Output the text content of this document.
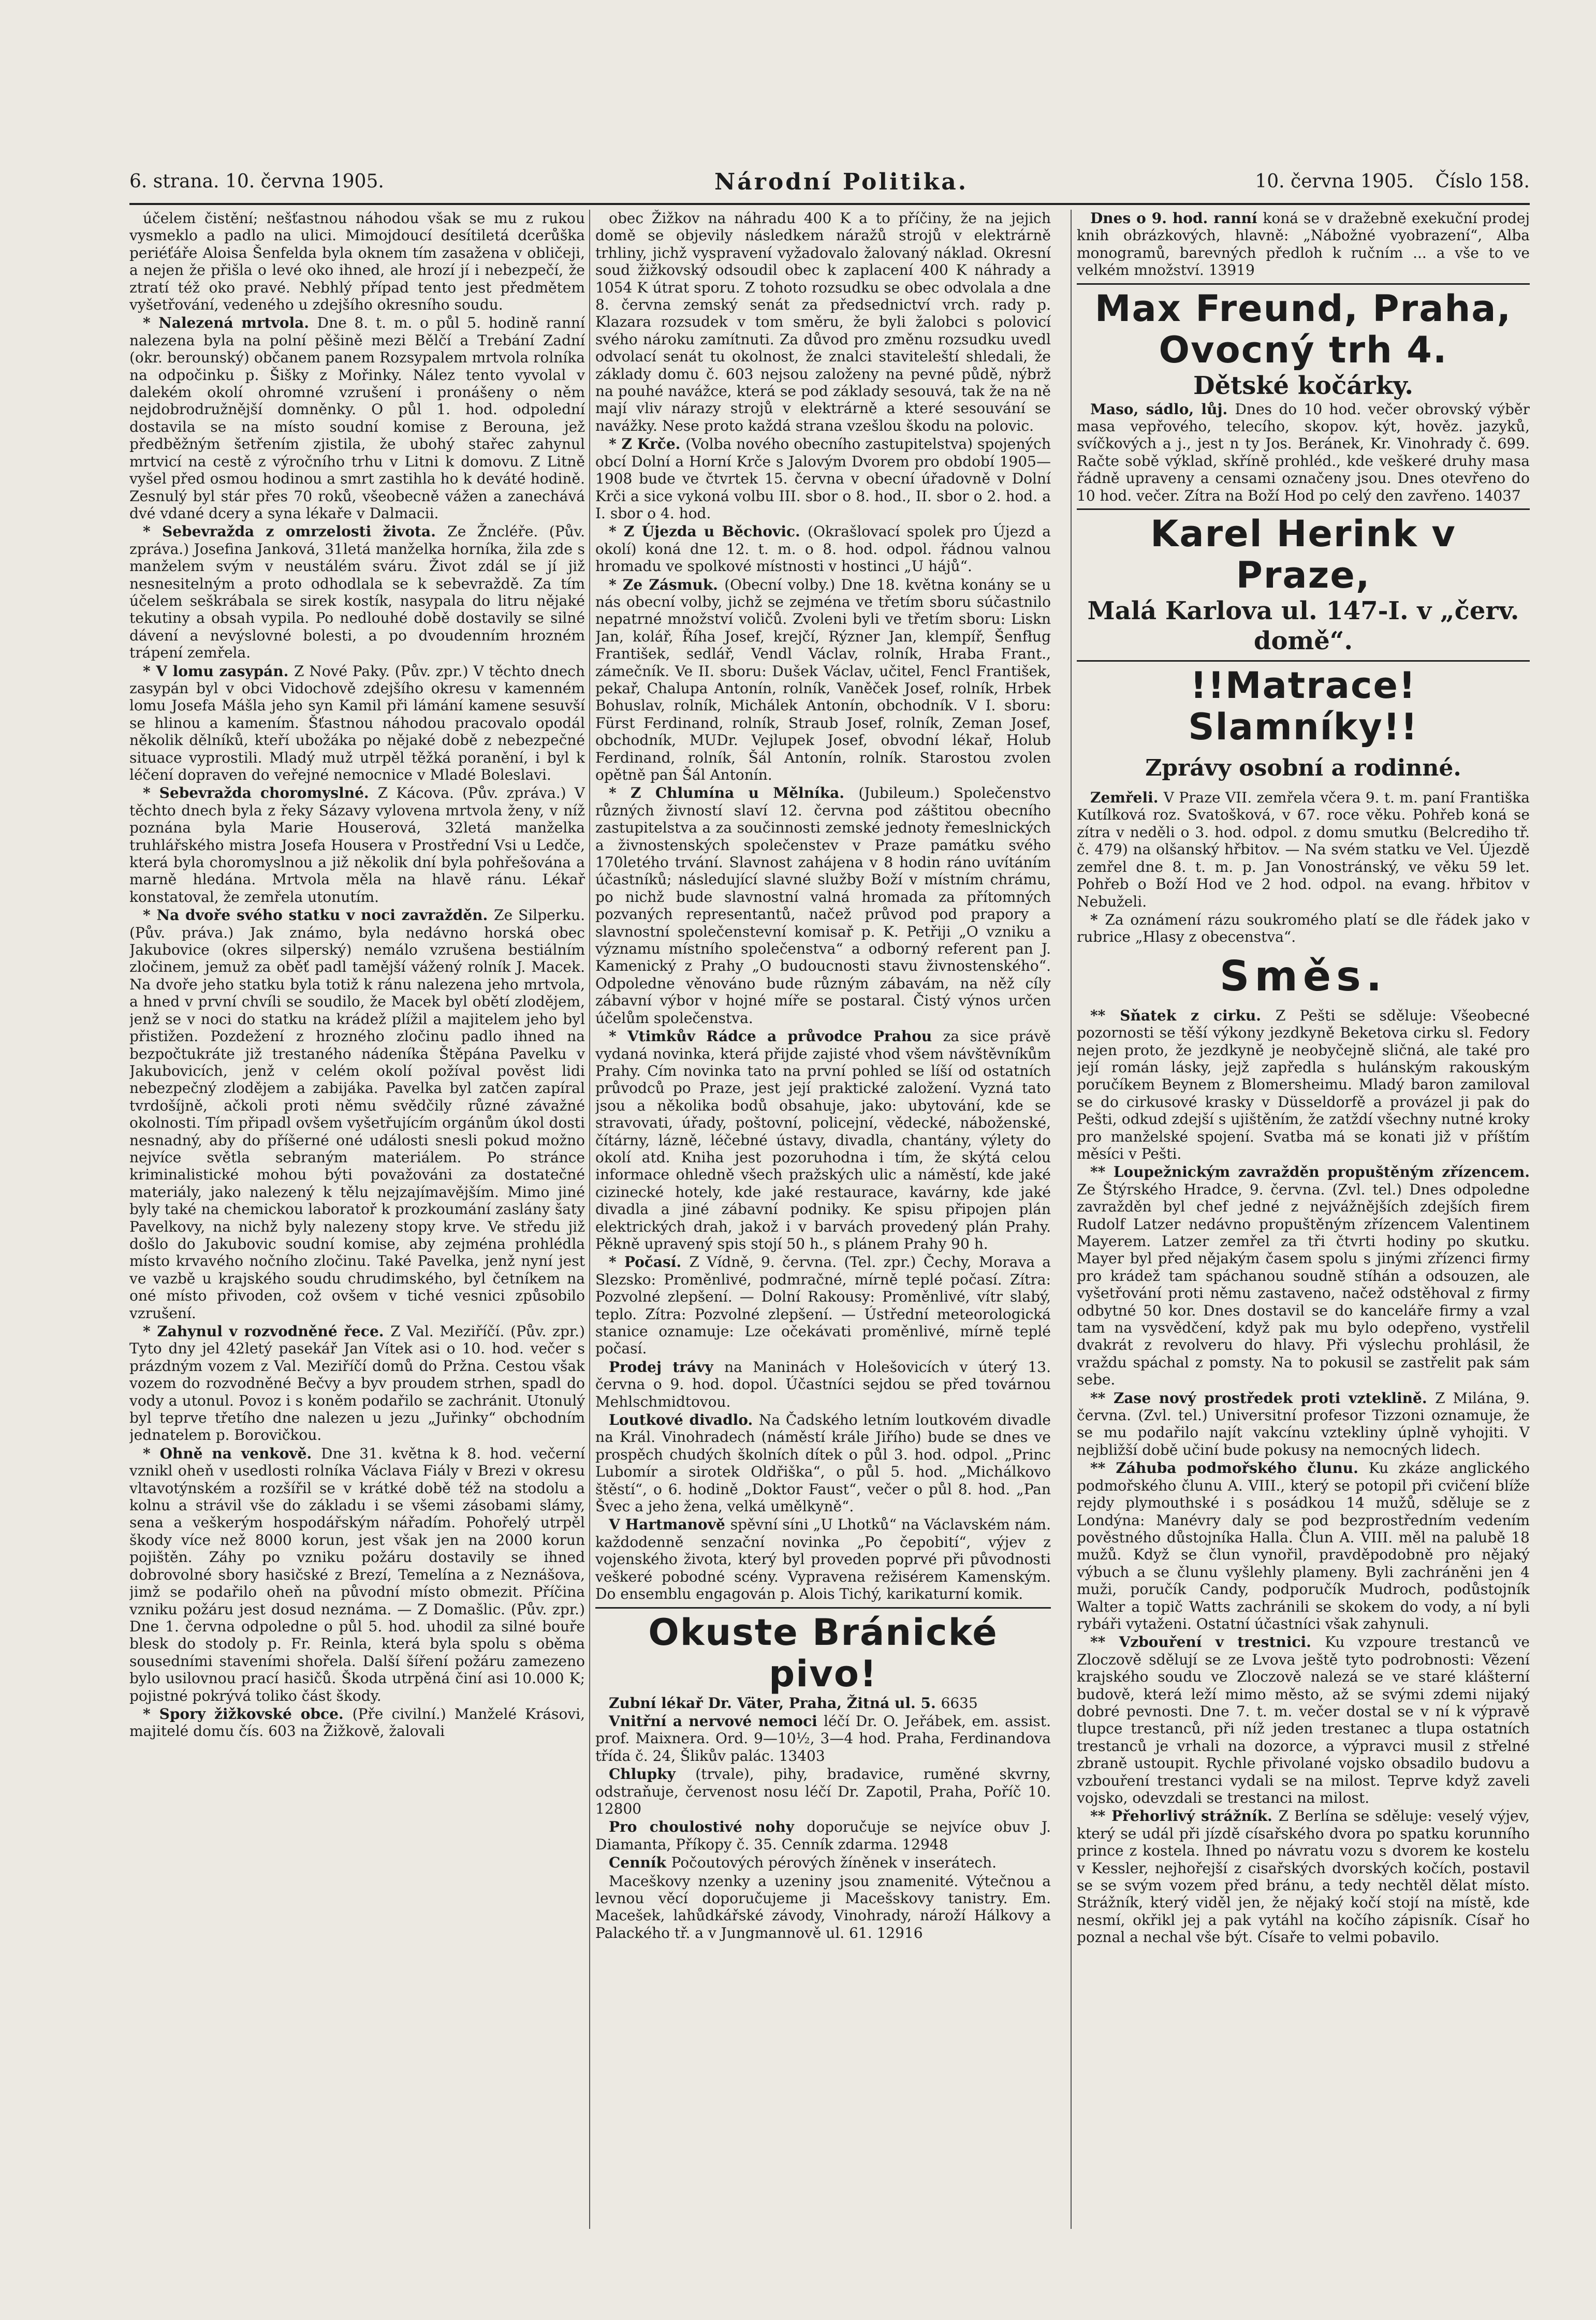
6. strana. 10. června 1905.	Národní Politika.	10. června 1905. Číslo 158.

účelem čistění; nešťastnou náhodou však se mu z rukou vysmeklo a padlo na ulici. Mimojdoucí desítiletá dcerůška periéťáře Aloisa Šenfelda byla oknem tím zasažena v obličeji, a nejen že přišla o levé oko ihned, ale hrozí jí i nebezpečí, že ztratí též oko pravé. Nebhlý případ tento jest předmětem vyšetřování, vedeného u zdejšího okresního soudu.

* Nalezená mrtvola. Dne 8. t. m. o půl 5. hodině ranní nalezena byla na polní pěšině mezi Bělčí a Trebání Zadní (okr. berounský) občanem panem Rozsypalem mrtvola rolníka na odpočinku p. Šišky z Mořinky. Nález tento vyvolal v dalekém okolí ohromné vzrušení i pronášeny o něm nejdobrodružnější domněnky. O půl 1. hod. odpolední dostavila se na místo soudní komise z Berouna, jež předběžným šetřením zjistila, že ubohý stařec zahynul mrtvicí na cestě z výročního trhu v Litni k domovu. Z Litně vyšel před osmou hodinou a smrt zastihla ho k deváté hodině. Zesnulý byl stár přes 70 roků, všeobecně vážen a zanechává dvé vdané dcery a syna lékaře v Dalmacii.

* Sebevražda z omrzelosti života. Ze Žncléře. (Pův. zpráva.) Josefina Janková, 31letá manželka horníka, žila zde s manželem svým v neustálém sváru. Život zdál se jí již nesnesitelným a proto odhodlala se k sebevraždě. Za tím účelem seškrábala se sirek kostík, nasypala do litru nějaké tekutiny a obsah vypila. Po nedlouhé době dostavily se silné dávení a nevýslovné bolesti, a po dvoudenním hrozném trápení zemřela.

* V lomu zasypán. Z Nové Paky. (Pův. zpr.) V těchto dnech zasypán byl v obci Vidochově zdejšího okresu v kamenném lomu Josefa Mášla jeho syn Kamil při lámání kamene sesuvší se hlinou a kamením. Šťastnou náhodou pracovalo opodál několik dělníků, kteří ubožáka po nějaké době z nebezpečné situace vyprostili. Mladý muž utrpěl těžká poranění, i byl k léčení dopraven do veřejné nemocnice v Mladé Boleslavi.

* Sebevražda choromyslné. Z Kácova. (Pův. zpráva.) V těchto dnech byla z řeky Sázavy vylovena mrtvola ženy, v níž poznána byla Marie Houserová, 32letá manželka truhlářského mistra Josefa Housera v Prostřední Vsi u Ledče, která byla choromyslnou a již několik dní byla pohřešována a marně hledána. Mrtvola měla na hlavě ránu. Lékař konstatoval, že zemřela utonutím.

* Na dvoře svého statku v noci zavražděn. Ze Silperku. (Pův. práva.) Jak známo, byla nedávno horská obec Jakubovice (okres silperský) nemálo vzrušena bestiálním zločinem, jemuž za oběť padl tamější vážený rolník J. Macek. Na dvoře jeho statku byla totiž k ránu nalezena jeho mrtvola, a hned v první chvíli se soudilo, že Macek byl obětí zlodějem, jenž se v noci do statku na krádež plížil a majitelem jeho byl přistižen. Pozdežení z hrozného zločinu padlo ihned na bezpočtukráte již trestaného nádeníka Štěpána Pavelku v Jakubovicích, jenž v celém okolí požíval pověst lidi nebezpečný zlodějem a zabijáka. Pavelka byl zatčen zapíral tvrdošíjně, ačkoli proti němu svědčily různé závažné okolnosti. Tím připadl ovšem vyšetřujícím orgánům úkol dosti nesnadný, aby do příšerné oné události snesli pokud možno nejvíce světla sebraným materiálem. Po stránce kriminalistické mohou býti považováni za dostatečné materiály, jako nalezený k tělu nejzajímavějším. Mimo jiné byly také na chemickou laboratoř k prozkoumání zaslány šaty Pavelkovy, na nichž byly nalezeny stopy krve. Ve středu již došlo do Jakubovic soudní komise, aby zejména prohlédla místo krvavého nočního zločinu. Také Pavelka, jenž nyní jest ve vazbě u krajského soudu chrudimského, byl četníkem na oné místo přivoden, což ovšem v tiché vesnici způsobilo vzrušení.

* Zahynul v rozvodněné řece. Z Val. Meziříčí. (Pův. zpr.) Tyto dny jel 42letý pasekář Jan Vítek asi o 10. hod. večer s prázdným vozem z Val. Meziříčí domů do Pržna. Cestou však vozem do rozvodněné Bečvy a byv proudem strhen, spadl do vody a utonul. Povoz i s koněm podařilo se zachránit. Utonulý byl teprve třetího dne nalezen u jezu „Juřinky“ obchodním jednatelem p. Borovičkou.

* Ohně na venkově. Dne 31. května k 8. hod. večerní vznikl oheň v usedlosti rolníka Václava Fiály v Brezi v okresu vltavotýnském a rozšířil se v krátké době též na stodolu a kolnu a strávil vše do základu i se všemi zásobami slámy, sena a veškerým hospodářským nářadím. Pohořelý utrpěl škody více než 8000 korun, jest však jen na 2000 korun pojištěn. Záhy po vzniku požáru dostavily se ihned dobrovolné sbory hasičské z Brezí, Temelína a z Neznášova, jimž se podařilo oheň na původní místo obmezit. Příčina vzniku požáru jest dosud neznáma. — Z Domašlic. (Pův. zpr.) Dne 1. června odpoledne o půl 5. hod. uhodil za silné bouře blesk do stodoly p. Fr. Reinla, která byla spolu s oběma sousedními staveními shořela. Další šíření požáru zamezeno bylo usilovnou prací hasičů. Škoda utrpěná činí asi 10.000 K; pojistné pokrývá toliko část škody.

* Spory žižkovské obce. (Pře civilní.) Manželé Krásovi, majitelé domu čís. 603 na Žižkově, žalovali

obec Žižkov na náhradu 400 K a to příčiny, že na jejich domě se objevily následkem náražů strojů v elektrárně trhliny, jichž vyspravení vyžadovalo žalovaný náklad. Okresní soud žižkovský odsoudil obec k zaplacení 400 K náhrady a 1054 K útrat sporu. Z tohoto rozsudku se obec odvolala a dne 8. června zemský senát za předsednictví vrch. rady p. Klazara rozsudek v tom směru, že byli žalobci s polovicí svého nároku zamítnuti. Za důvod pro změnu rozsudku uvedl odvolací senát tu okolnost, že znalci staviteleští shledali, že základy domu č. 603 nejsou založeny na pevné půdě, nýbrž na pouhé navážce, která se pod základy sesouvá, tak že na ně mají vliv nárazy strojů v elektrárně a které sesouvání se navážky. Nese proto každá strana vzešlou škodu na polovic.

* Z Krče. (Volba nového obecního zastupitelstva) spojených obcí Dolní a Horní Krče s Jalovým Dvorem pro období 1905—1908 bude ve čtvrtek 15. června v obecní úřadovně v Dolní Krči a sice vykoná volbu III. sbor o 8. hod., II. sbor o 2. hod. a I. sbor o 4. hod.

* Z Újezda u Běchovic. (Okrašlovací spolek pro Újezd a okolí) koná dne 12. t. m. o 8. hod. odpol. řádnou valnou hromadu ve spolkové místnosti v hostinci „U hájů“.

* Ze Zásmuk. (Obecní volby.) Dne 18. května konány se u nás obecní volby, jichž se zejména ve třetím sboru súčastnilo nepatrné množství voličů. Zvoleni byli ve třetím sboru: Liskn Jan, kolář, Říha Josef, krejčí, Rýzner Jan, klempíř, Šenfług František, sedlář, Vendl Václav, rolník, Hraba Frant., zámečník. Ve II. sboru: Dušek Václav, učitel, Fencl František, pekař, Chalupa Antonín, rolník, Vaněček Josef, rolník, Hrbek Bohuslav, rolník, Michálek Antonín, obchodník. V I. sboru: Fürst Ferdinand, rolník, Straub Josef, rolník, Zeman Josef, obchodník, MUDr. Vejlupek Josef, obvodní lékař, Holub Ferdinand, rolník, Šál Antonín, rolník. Starostou zvolen opětně pan Šál Antonín.

* Z Chlumína u Mělníka. (Jubileum.) Společenstvo různých živností slaví 12. června pod záštitou obecního zastupitelstva a za součinnosti zemské jednoty řemeslnických a živnostenských společenstev v Praze památku svého 170letého trvání. Slavnost zahájena v 8 hodin ráno uvítáním účastníků; následující slavné služby Boží v místním chrámu, po nichž bude slavnostní valná hromada za přítomných pozvaných representantů, načež průvod pod prapory a slavnostní společenstevní komisař p. K. Petřiji „O vzniku a významu místního společenstva“ a odborný referent pan J. Kamenický z Prahy „O budoucnosti stavu živnostenského“. Odpoledne věnováno bude různým zábavám, na něž cíly zábavní výbor v hojné míře se postaral. Čistý výnos určen účelům společenstva.

* Vtimkův Rádce a průvodce Prahou za sice právě vydaná novinka, která přijde zajisté vhod všem návštěvníkům Prahy. Cím novinka tato na první pohled se líší od ostatních průvodců po Praze, jest její praktické založení. Vyzná tato jsou a několika bodů obsahuje, jako: ubytování, kde se stravovati, úřady, poštovní, policejní, vědecké, náboženské, čítárny, lázně, léčebné ústavy, divadla, chantány, výlety do okolí atd. Kniha jest pozoruhodna i tím, že skýtá celou informace ohledně všech pražských ulic a náměstí, kde jaké cizinecké hotely, kde jaké restaurace, kavárny, kde jaké divadla a jiné zábavní podniky. Ke spisu připojen plán elektrických drah, jakož i v barvách provedený plán Prahy. Pěkně upravený spis stojí 50 h., s plánem Prahy 90 h.

* Počasí. Z Vídně, 9. června. (Tel. zpr.) Čechy, Morava a Slezsko: Proměnlivé, podmračné, mírně teplé počasí. Zítra: Pozvolné zlepšení. — Dolní Rakousy: Proměnlivé, vítr slabý, teplo. Zítra: Pozvolné zlepšení. — Ústřední meteorologická stanice oznamuje: Lze očekávati proměnlivé, mírně teplé počasí.

Prodej trávy na Maninách v Holešovicích v úterý 13. června o 9. hod. dopol. Účastníci sejdou se před továrnou Mehlschmidtovou.

Loutkové divadlo. Na Čadského letním loutkovém divadle na Král. Vinohradech (náměstí krále Jiřího) bude se dnes ve prospěch chudých školních dítek o půl 3. hod. odpol. „Princ Lubomír a sirotek Oldřiška“, o půl 5. hod. „Michálkovo štěstí“, o 6. hodině „Doktor Faust“, večer o půl 8. hod. „Pan Švec a jeho žena, velká umělkyně“.

V Hartmanově spěvní síni „U Lhotků“ na Václavském nám. každodenně senzační novinka „Po čepobití“, výjev z vojenského života, který byl proveden poprvé při původnosti veškeré pobodné scény. Vypravena režisérem Kamenským. Do ensemblu engagován p. Alois Tichý, karikaturní komik.

Okuste Bránické pivo!

Zubní lékař Dr. Väter, Praha, Žitná ul. 5. 6635

Vnitřní a nervové nemoci léčí Dr. O. Jeřábek, em. assist. prof. Maixnera. Ord. 9—10½, 3—4 hod. Praha, Ferdinandova třída č. 24, Šlikův palác. 13403

Chlupky (trvale), pihy, bradavice, ruměné skvrny, odstraňuje, červenost nosu léčí Dr. Zapotil, Praha, Poříč 10. 12800

Pro choulostivé nohy doporučuje se nejvíce obuv J. Diamanta, Příkopy č. 35. Cenník zdarma. 12948

Cenník Počoutových pérových žíněnek v inserátech.

Maceškovy nzenky a uzeniny jsou znamenité. Výtečnou a levnou věcí doporučujeme ji Macešskovy tanistry. Em. Macešek, lahůdkářské závody, Vinohrady, nároží Hálkovy a Palackého tř. a v Jungmannově ul. 61. 12916

Dnes o 9. hod. ranní koná se v dražebně exekuční prodej knih obrázkových, hlavně: „Nábožné vyobrazení“, Alba monogramů, barevných předloh k ručním ... a vše to ve velkém množství. 13919

Max Freund, Praha, Ovocný trh 4.
Dětské kočárky.

Maso, sádlo, lůj. Dnes do 10 hod. večer obrovský výběr masa vepřového, telecího, skopov. kýt, hověz. jazyků, svíčkových a j., jest n ty Jos. Beránek, Kr. Vinohrady č. 699. Račte sobě výklad, skříně prohléd., kde veškeré druhy masa řádně upraveny a censami označeny jsou. Dnes otevřeno do 10 hod. večer. Zítra na Boží Hod po celý den zavřeno. 14037

Karel Herink v Praze,
Malá Karlova ul. 147-I. v „červ. domě“.
!!Matrace! Slamníky!!
Zprávy osobní a rodinné.

Zemřeli. V Praze VII. zemřela včera 9. t. m. paní Františka Kutílková roz. Svatošková, v 67. roce věku. Pohřeb koná se zítra v neděli o 3. hod. odpol. z domu smutku (Belcrediho tř. č. 479) na olšanský hřbitov. — Na svém statku ve Vel. Újezdě zemřel dne 8. t. m. p. Jan Vonostránský, ve věku 59 let. Pohřeb o Boží Hod ve 2 hod. odpol. na evang. hřbitov v Nebuželi.

* Za oznámení rázu soukromého platí se dle řádek jako v rubrice „Hlasy z obecenstva“.

Směs.

** Sňatek z cirku. Z Pešti se sděluje: Všeobecné pozornosti se těší výkony jezdkyně Beketova cirku sl. Fedory nejen proto, že jezdkyně je neobyčejně sličná, ale také pro její román lásky, jejž zapředla s hulánským rakouským poručíkem Beynem z Blomersheimu. Mladý baron zamiloval se do cirkusové krasky v Düsseldorfě a provázel ji pak do Pešti, odkud zdejší s ujištěním, že zatždí všechny nutné kroky pro manželské spojení. Svatba má se konati již v příštím měsíci v Pešti.

** Loupežnickým zavražděn propuštěným zřízencem. Ze Štýrského Hradce, 9. června. (Zvl. tel.) Dnes odpoledne zavražděn byl chef jedné z nejvážnějších zdejších firem Rudolf Latzer nedávno propuštěným zřízencem Valentinem Mayerem. Latzer zemřel za tři čtvrti hodiny po skutku. Mayer byl před nějakým časem spolu s jinými zřízenci firmy pro krádež tam spáchanou soudně stíhán a odsouzen, ale vyšetřování proti němu zastaveno, načež odstěhoval z firmy odbytné 50 kor. Dnes dostavil se do kanceláře firmy a vzal tam na vysvědčení, když pak mu bylo odepřeno, vystřelil dvakrát z revolveru do hlavy. Při výslechu prohlásil, že vraždu spáchal z pomsty. Na to pokusil se zastřelit pak sám sebe.

** Zase nový prostředek proti vzteklině. Z Milána, 9. června. (Zvl. tel.) Universitní profesor Tizzoni oznamuje, že se mu podařilo najít vakcínu vztekliny úplně vyhojiti. V nejbližší době učiní bude pokusy na nemocných lidech.

** Záhuba podmořského člunu. Ku zkáze anglického podmořského člunu A. VIII., který se potopil při cvičení blíže rejdy plymouthské i s posádkou 14 mužů, sděluje se z Londýna: Manévry daly se pod bezprostředním vedením pověstného důstojníka Halla. Člun A. VIII. měl na palubě 18 mužů. Když se člun vynořil, pravděpodobně pro nějaký výbuch a se člunu vyšlehly plameny. Byli zachráněni jen 4 muži, poručík Candy, podporučík Mudroch, podůstojník Walter a topič Watts zachránili se skokem do vody, a ní byli rybáři vytaženi. Ostatní účastníci však zahynuli.

** Vzbouření v trestnici. Ku vzpoure trestanců ve Zloczově sdělují se ze Lvova ještě tyto podrobnosti: Vězení krajského soudu ve Zloczově nalezá se ve staré klášterní budově, která leží mimo město, až se svými zdemi nijaký dobré pevnosti. Dne 7. t. m. večer dostal se v ní k výpravě tlupce trestanců, při níž jeden trestanec a tlupa ostatních trestanců je vrhali na dozorce, a výpravci musil z střelné zbraně ustoupit. Rychle přivolané vojsko obsadilo budovu a vzbouření trestanci vydali se na milost. Teprve když zaveli vojsko, odevzdali se trestanci na milost.

** Přehorlivý strážník. Z Berlína se sděluje: veselý výjev, který se udál při jízdě císařského dvora po spatku korunního prince z kostela. Ihned po návratu vozu s dvorem ke kostelu v Kessler, nejhořejší z cisařských dvorských kočích, postavil se se svým vozem před bránu, a tedy nechtěl dělat místo. Strážník, který viděl jen, že nějaký kočí stojí na místě, kde nesmí, okřikl jej a pak vytáhl na kočího zápisník. Císař ho poznal a nechal vše být. Císaře to velmi pobavilo.
